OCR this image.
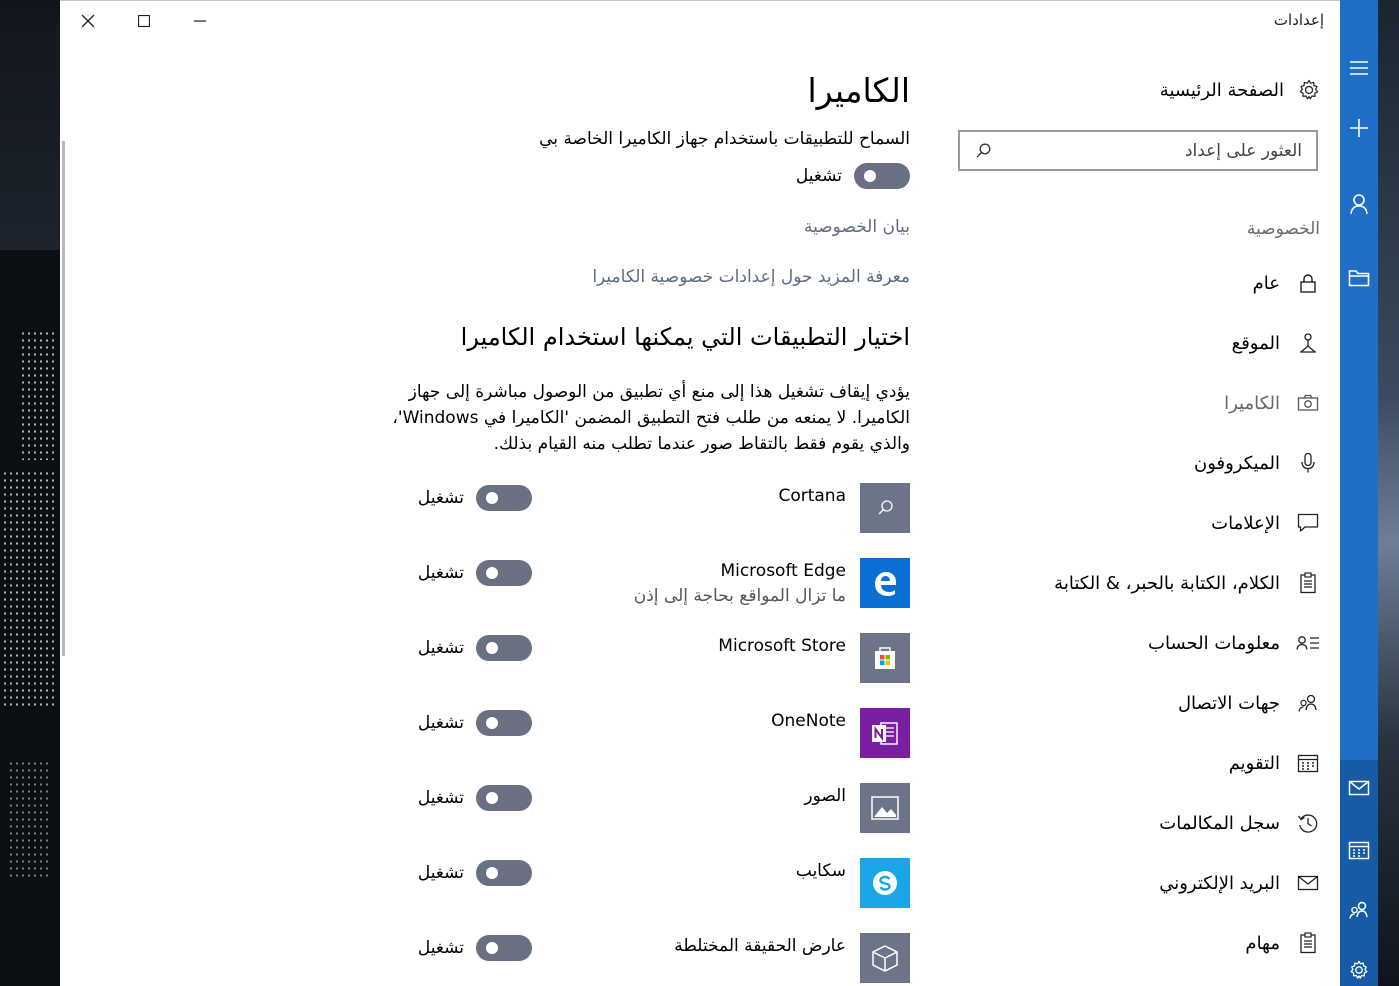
إعدادات
الكاميرا
السماح للتطبيقات باستخدام جهاز الكاميرا الخاصة بي
تشغيل
بيان الخصوصية
معرفة المزيد حول إعدادات خصوصية الكاميرا
اختيار التطبيقات التي يمكنها استخدام الكاميرا
يؤدي إيقاف تشغيل هذا إلى منع أي تطبيق من الوصول مباشرة إلى جهاز الكاميرا. لا يمنعه من طلب فتح التطبيق المضمن 'الكاميرا في Windows'، والذي يقوم فقط بالتقاط صور عندما تطلب منه القيام بذلك.
Cortana
تشغيل
Microsoft Edge
ما تزال المواقع بحاجة إلى إذن
تشغيل
Microsoft Store
تشغيل
OneNote
تشغيل
الصور
تشغيل
سكايب
تشغيل
عارض الحقيقة المختلطة
تشغيل
الصفحة الرئيسية
العثور على إعداد
الخصوصية
عام
الموقع
الكاميرا
الميكروفون
الإعلامات
الكلام، الكتابة بالحبر، & الكتابة
معلومات الحساب
جهات الاتصال
التقويم
سجل المكالمات
البريد الإلكتروني
مهام
